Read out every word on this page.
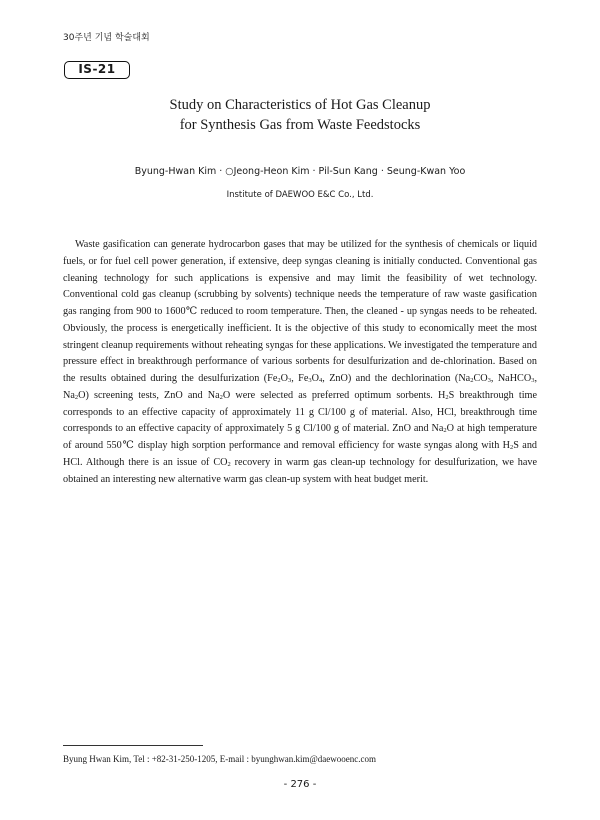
30주년 기념 학술대회
IS-21
Study on Characteristics of Hot Gas Cleanup
for Synthesis Gas from Waste Feedstocks
Byung-Hwan Kim · ○Jeong-Heon Kim · Pil-Sun Kang · Seung-Kwan Yoo
Institute of DAEWOO E&C Co., Ltd.

Waste gasification can generate hydrocarbon gases that may be utilized for the synthesis of chemicals or liquid fuels, or for fuel cell power generation, if extensive, deep syngas cleaning is initially conducted. Conventional gas cleaning technology for such applications is expensive and may limit the feasibility of wet technology. Conventional cold gas cleanup (scrubbing by solvents) technique needs the temperature of raw waste gasification gas ranging from 900 to 1600℃ reduced to room temperature. Then, the cleaned - up syngas needs to be reheated. Obviously, the process is energetically inefficient. It is the objective of this study to economically meet the most stringent cleanup requirements without reheating syngas for these applications. We investigated the temperature and pressure effect in breakthrough performance of various sorbents for desulfurization and de-chlorination. Based on the results obtained during the desulfurization ($Fe_2O_3$, $Fe_3O_4$, ZnO) and the dechlorination ($Na_2CO_3$, NaHCO$_3$, $Na_2O$) screening tests, ZnO and $Na_2O$ were selected as preferred optimum sorbents. $H_2S$ breakthrough time corresponds to an effective capacity of approximately 11 g Cl/100 g of material. Also, HCl, breakthrough time corresponds to an effective capacity of approximately 5 g Cl/100 g of material. ZnO and $Na_2O$ at high temperature of around 550℃ display high sorption performance and removal efficiency for waste syngas along with $H_2S$ and HCl. Although there is an issue of $CO_2$ recovery in warm gas clean-up technology for desulfurization, we have obtained an interesting new alternative warm gas clean-up system with heat budget merit.

Byung Hwan Kim, Tel : +82-31-250-1205, E-mail : byunghwan.kim@daewooenc.com
- 276 -
